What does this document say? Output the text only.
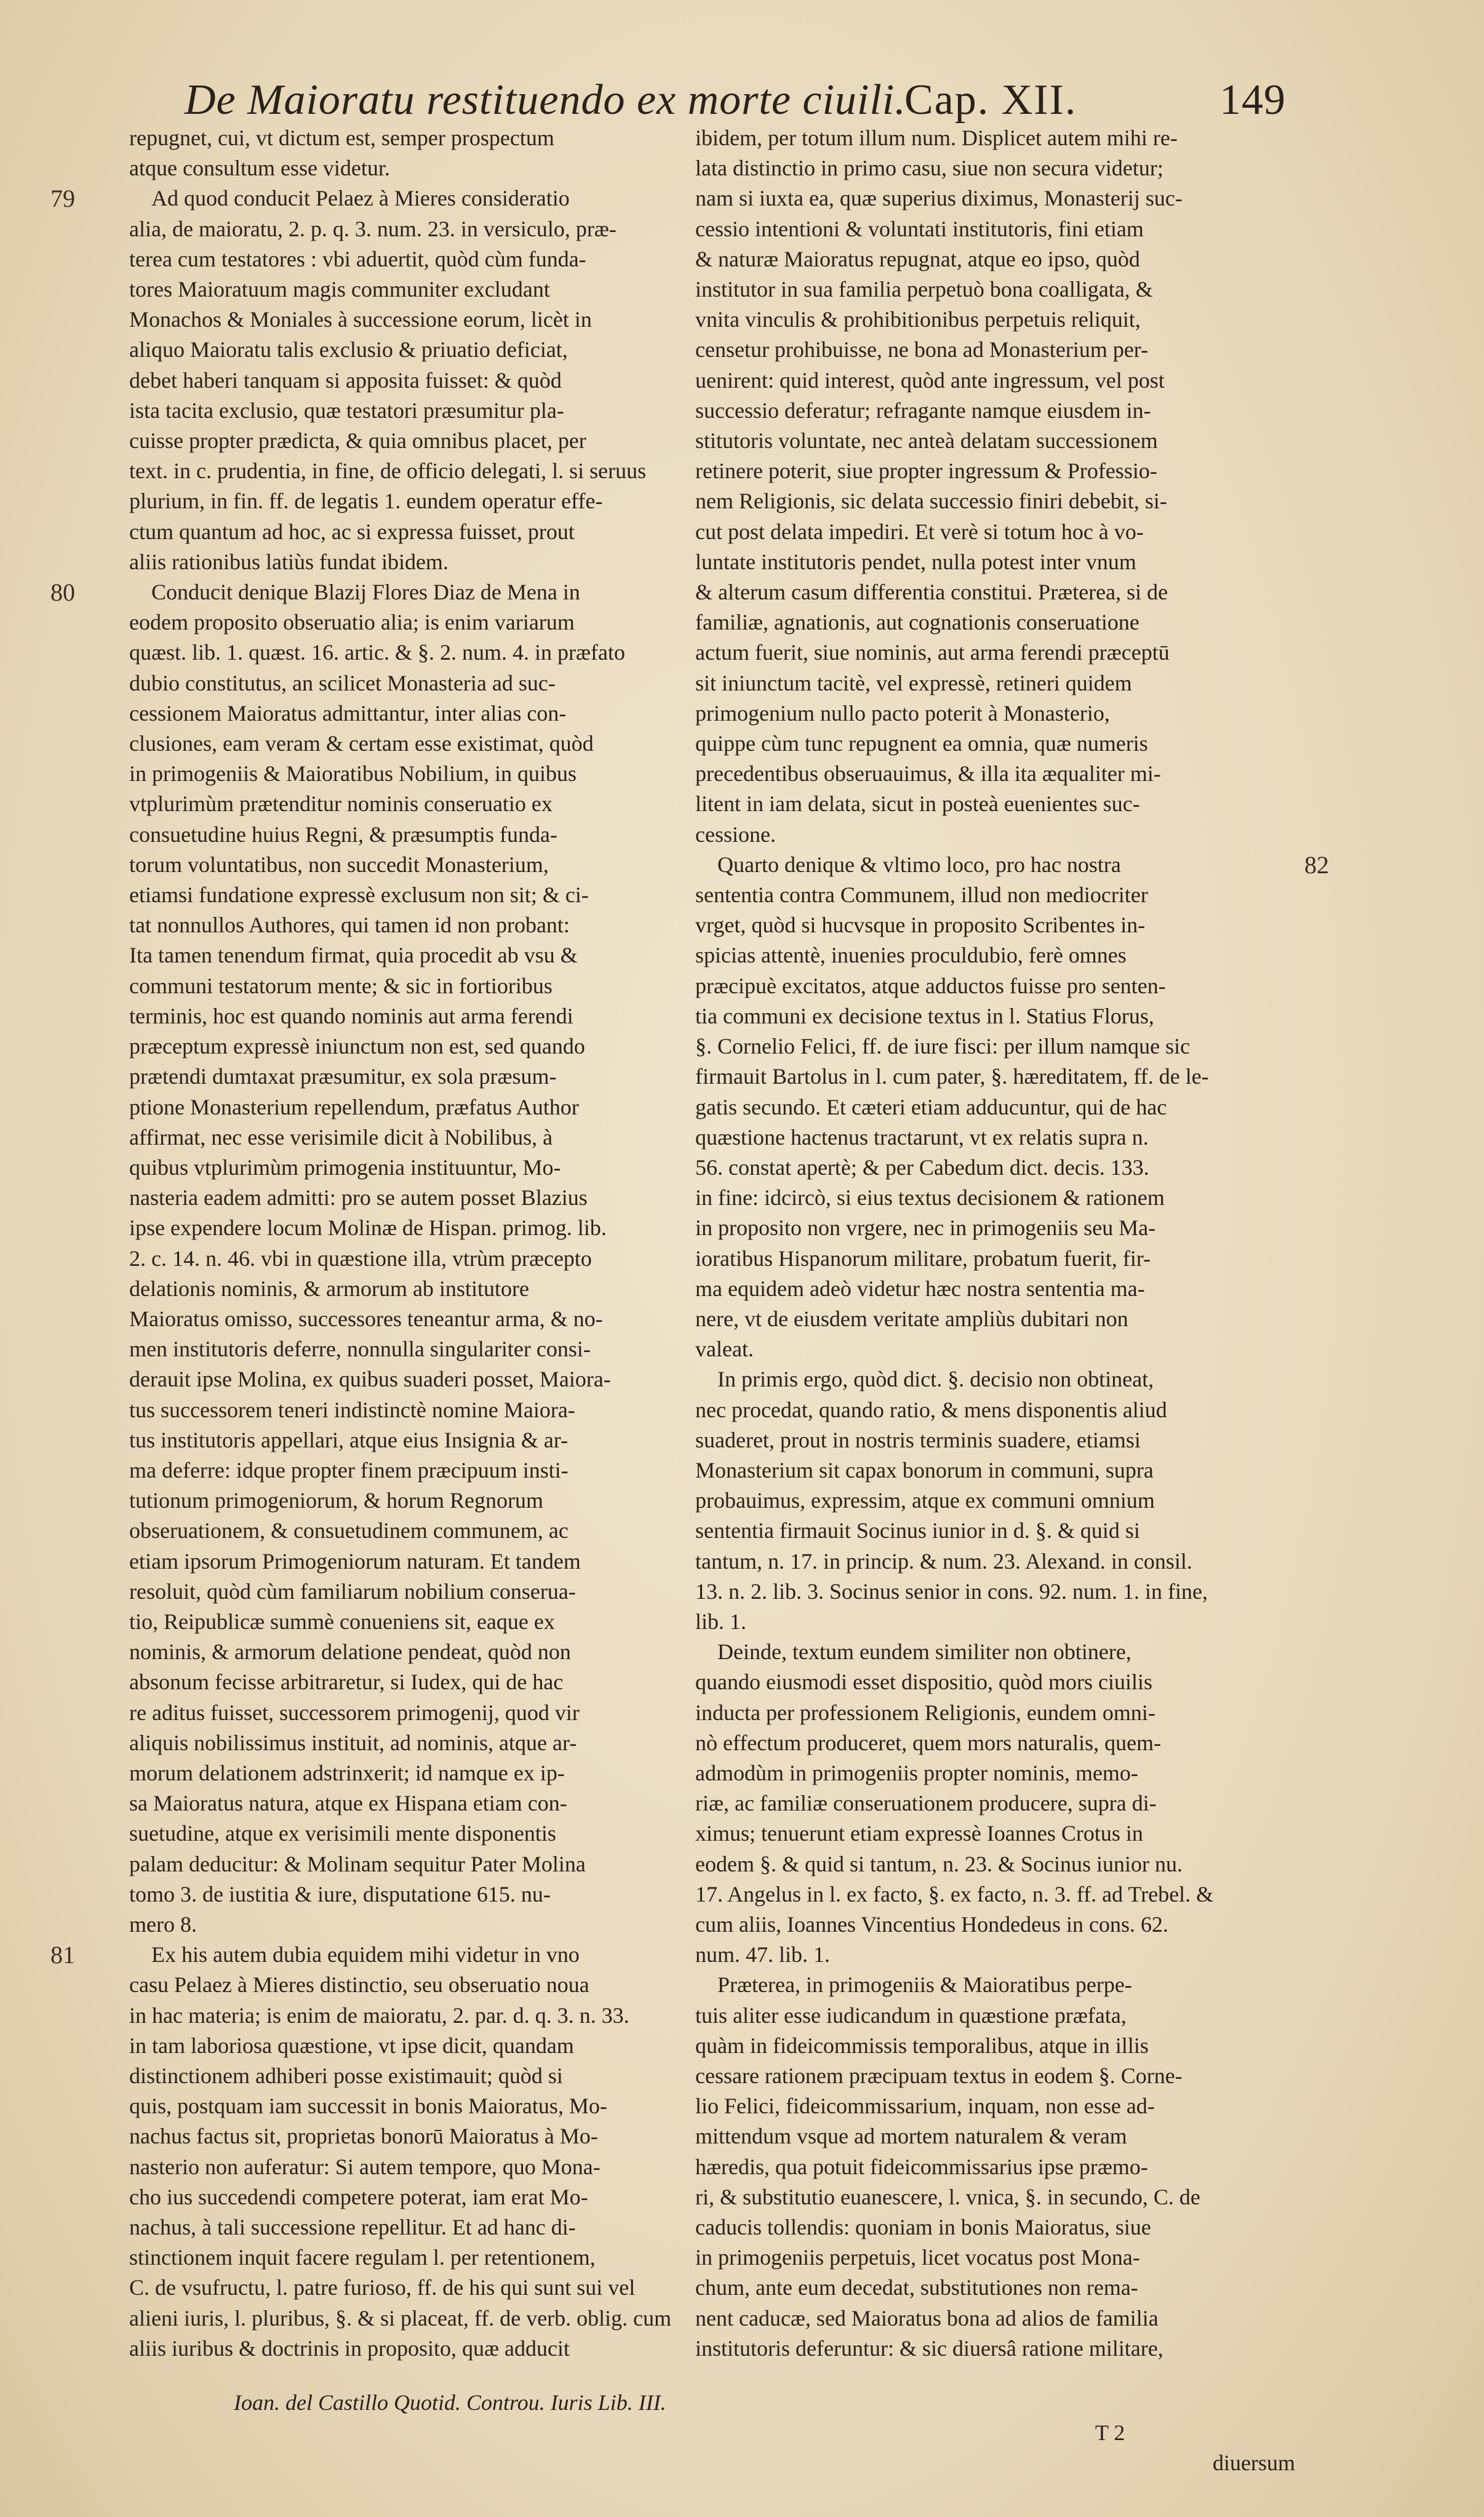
De Maioratu restituendo ex morte ciuili.
Cap. XII.	149

repugnet, cui, vt dictum est, semper prospectum
atque consultum esse videtur.

79	Ad quod conducit Pelaez à Mieres consideratio
alia, de maioratu, 2. p. q. 3. num. 23. in versiculo, præ-
terea cum testatores : vbi aduertit, quòd cùm funda-
tores Maioratuum magis communiter excludant
Monachos & Moniales à successione eorum, licèt in
aliquo Maioratu talis exclusio & priuatio deficiat,
debet haberi tanquam si apposita fuisset: & quòd
ista tacita exclusio, quæ testatori præsumitur pla-
cuisse propter prædicta, & quia omnibus placet, per
text. in c. prudentia, in fine, de officio delegati, l. si seruus
plurium, in fin. ff. de legatis 1. eundem operatur effe-
ctum quantum ad hoc, ac si expressa fuisset, prout
aliis rationibus latiùs fundat ibidem.

80	Conducit denique Blazij Flores Diaz de Mena in
eodem proposito obseruatio alia; is enim variarum
quæst. lib. 1. quæst. 16. artic. & §. 2. num. 4. in præfato
dubio constitutus, an scilicet Monasteria ad suc-
cessionem Maioratus admittantur, inter alias con-
clusiones, eam veram & certam esse existimat, quòd
in primogeniis & Maioratibus Nobilium, in quibus
vtplurimùm prætenditur nominis conseruatio ex
consuetudine huius Regni, & præsumptis funda-
torum voluntatibus, non succedit Monasterium,
etiamsi fundatione expressè exclusum non sit; & ci-
tat nonnullos Authores, qui tamen id non probant:
Ita tamen tenendum firmat, quia procedit ab vsu &
communi testatorum mente; & sic in fortioribus
terminis, hoc est quando nominis aut arma ferendi
præceptum expressè iniunctum non est, sed quando
prætendi dumtaxat præsumitur, ex sola præsum-
ptione Monasterium repellendum, præfatus Author
affirmat, nec esse verisimile dicit à Nobilibus, à
quibus vtplurimùm primogenia instituuntur, Mo-
nasteria eadem admitti: pro se autem posset Blazius
ipse expendere locum Molinæ de Hispan. primog. lib.
2. c. 14. n. 46. vbi in quæstione illa, vtrùm præcepto
delationis nominis, & armorum ab institutore
Maioratus omisso, successores teneantur arma, & no-
men institutoris deferre, nonnulla singulariter consi-
derauit ipse Molina, ex quibus suaderi posset, Maiora-
tus successorem teneri indistinctè nomine Maiora-
tus institutoris appellari, atque eius Insignia & ar-
ma deferre: idque propter finem præcipuum insti-
tutionum primogeniorum, & horum Regnorum
obseruationem, & consuetudinem communem, ac
etiam ipsorum Primogeniorum naturam. Et tandem
resoluit, quòd cùm familiarum nobilium conserua-
tio, Reipublicæ summè conueniens sit, eaque ex
nominis, & armorum delatione pendeat, quòd non
absonum fecisse arbitraretur, si Iudex, qui de hac
re aditus fuisset, successorem primogenij, quod vir
aliquis nobilissimus instituit, ad nominis, atque ar-
morum delationem adstrinxerit; id namque ex ip-
sa Maioratus natura, atque ex Hispana etiam con-
suetudine, atque ex verisimili mente disponentis
palam deducitur: & Molinam sequitur Pater Molina
tomo 3. de iustitia & iure, disputatione 615. nu-
mero 8.

81	Ex his autem dubia equidem mihi videtur in vno
casu Pelaez à Mieres distinctio, seu obseruatio noua
in hac materia; is enim de maioratu, 2. par. d. q. 3. n. 33.
in tam laboriosa quæstione, vt ipse dicit, quandam
distinctionem adhiberi posse existimauit; quòd si
quis, postquam iam successit in bonis Maioratus, Mo-
nachus factus sit, proprietas bonorū Maioratus à Mo-
nasterio non auferatur: Si autem tempore, quo Mona-
cho ius succedendi competere poterat, iam erat Mo-
nachus, à tali successione repellitur. Et ad hanc di-
stinctionem inquit facere regulam l. per retentionem,
C. de vsufructu, l. patre furioso, ff. de his qui sunt sui vel
alieni iuris, l. pluribus, §. & si placeat, ff. de verb. oblig. cum
aliis iuribus & doctrinis in proposito, quæ adducit

ibidem, per totum illum num. Displicet autem mihi re-
lata distinctio in primo casu, siue non secura videtur;
nam si iuxta ea, quæ superius diximus, Monasterij suc-
cessio intentioni & voluntati institutoris, fini etiam
& naturæ Maioratus repugnat, atque eo ipso, quòd
institutor in sua familia perpetuò bona coalligata, &
vnita vinculis & prohibitionibus perpetuis reliquit,
censetur prohibuisse, ne bona ad Monasterium per-
uenirent: quid interest, quòd ante ingressum, vel post
successio deferatur; refragante namque eiusdem in-
stitutoris voluntate, nec anteà delatam successionem
retinere poterit, siue propter ingressum & Professio-
nem Religionis, sic delata successio finiri debebit, si-
cut post delata impediri. Et verè si totum hoc à vo-
luntate institutoris pendet, nulla potest inter vnum
& alterum casum differentia constitui. Præterea, si de
familiæ, agnationis, aut cognationis conseruatione
actum fuerit, siue nominis, aut arma ferendi præceptū
sit iniunctum tacitè, vel expressè, retineri quidem
primogenium nullo pacto poterit à Monasterio,
quippe cùm tunc repugnent ea omnia, quæ numeris
precedentibus obseruauimus, & illa ita æqualiter mi-
litent in iam delata, sicut in posteà euenientes suc-
cessione.

82

Quarto denique & vltimo loco, pro hac nostra
sententia contra Communem, illud non mediocriter
vrget, quòd si hucvsque in proposito Scribentes in-
spicias attentè, inuenies proculdubio, ferè omnes
præcipuè excitatos, atque adductos fuisse pro senten-
tia communi ex decisione textus in l. Statius Florus,
§. Cornelio Felici, ff. de iure fisci: per illum namque sic
firmauit Bartolus in l. cum pater, §. hæreditatem, ff. de le-
gatis secundo. Et cæteri etiam adducuntur, qui de hac
quæstione hactenus tractarunt, vt ex relatis supra n.
56. constat apertè; & per Cabedum dict. decis. 133.
in fine: idcircò, si eius textus decisionem & rationem
in proposito non vrgere, nec in primogeniis seu Ma-
ioratibus Hispanorum militare, probatum fuerit, fir-
ma equidem adeò videtur hæc nostra sententia ma-
nere, vt de eiusdem veritate ampliùs dubitari non
valeat.

In primis ergo, quòd dict. §. decisio non obtineat,
nec procedat, quando ratio, & mens disponentis aliud
suaderet, prout in nostris terminis suadere, etiamsi
Monasterium sit capax bonorum in communi, supra
probauimus, expressim, atque ex communi omnium
sententia firmauit Socinus iunior in d. §. & quid si
tantum, n. 17. in princip. & num. 23. Alexand. in consil.
13. n. 2. lib. 3. Socinus senior in cons. 92. num. 1. in fine,
lib. 1.

Deinde, textum eundem similiter non obtinere,
quando eiusmodi esset dispositio, quòd mors ciuilis
inducta per professionem Religionis, eundem omni-
nò effectum produceret, quem mors naturalis, quem-
admodùm in primogeniis propter nominis, memo-
riæ, ac familiæ conseruationem producere, supra di-
ximus; tenuerunt etiam expressè Ioannes Crotus in
eodem §. & quid si tantum, n. 23. & Socinus iunior nu.
17. Angelus in l. ex facto, §. ex facto, n. 3. ff. ad Trebel. &
cum aliis, Ioannes Vincentius Hondedeus in cons. 62.
num. 47. lib. 1.

Præterea, in primogeniis & Maioratibus perpe-
tuis aliter esse iudicandum in quæstione præfata,
quàm in fideicommissis temporalibus, atque in illis
cessare rationem præcipuam textus in eodem §. Corne-
lio Felici, fideicommissarium, inquam, non esse ad-
mittendum vsque ad mortem naturalem & veram
hæredis, qua potuit fideicommissarius ipse præmo-
ri, & substitutio euanescere, l. vnica, §. in secundo, C. de
caducis tollendis: quoniam in bonis Maioratus, siue
in primogeniis perpetuis, licet vocatus post Mona-
chum, ante eum decedat, substitutiones non rema-
nent caducæ, sed Maioratus bona ad alios de familia
institutoris deferuntur: & sic diuersâ ratione militare,

Ioan. del Castillo Quotid. Controu. Iuris Lib. III.

T 2

diuersum
